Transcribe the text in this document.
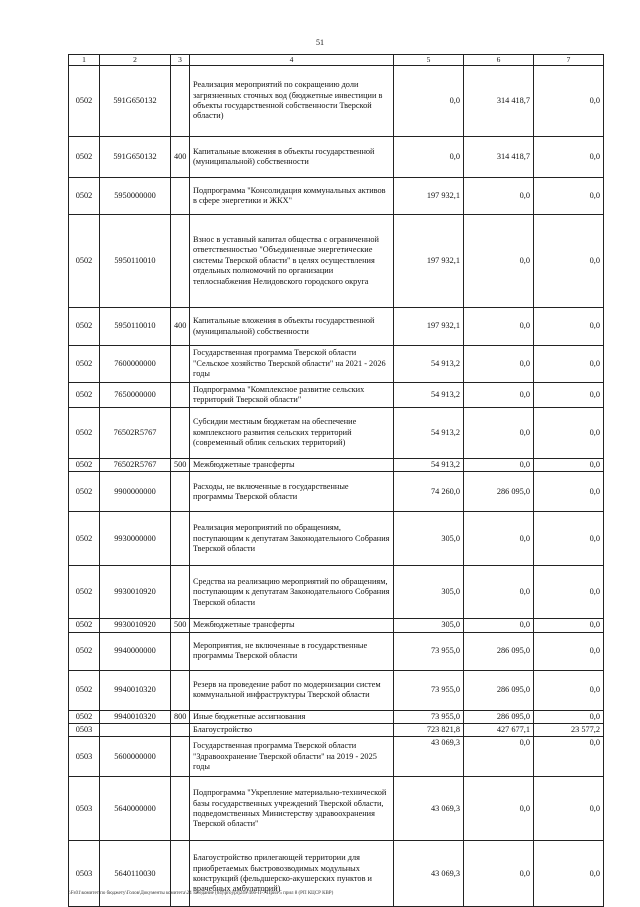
51
1	2	3	4	5	6	7
0502	591G650132		Реализация мероприятий по сокращению доли загрязненных сточных вод (бюджетные инвестиции в объекты государственной собственности Тверской области)	0,0	314 418,7	0,0
0502	591G650132	400	Капитальные вложения в объекты государственной (муниципальной) собственности	0,0	314 418,7	0,0
0502	5950000000		Подпрограмма "Консолидация коммунальных активов в сфере энергетики и ЖКХ"	197 932,1	0,0	0,0
0502	5950110010		Взнос в уставный капитал общества с ограниченной ответственностью "Объединенные энергетические системы Тверской области" в целях осуществления отдельных полномочий по организации теплоснабжения Нелидовского городского округа	197 932,1	0,0	0,0
0502	5950110010	400	Капитальные вложения в объекты государственной (муниципальной) собственности	197 932,1	0,0	0,0
0502	7600000000		Государственная программа Тверской области "Сельское хозяйство Тверской области" на 2021 - 2026 годы	54 913,2	0,0	0,0
0502	7650000000		Подпрограмма "Комплексное развитие сельских территорий Тверской области"	54 913,2	0,0	0,0
0502	76502R5767		Субсидии местным бюджетам на обеспечение комплексного развития сельских территорий (современный облик сельских территорий)	54 913,2	0,0	0,0
0502	76502R5767	500	Межбюджетные трансферты	54 913,2	0,0	0,0
0502	9900000000		Расходы, не включенные в государственные программы Тверской области	74 260,0	286 095,0	0,0
0502	9930000000		Реализация мероприятий по обращениям, поступающим к депутатам Законодательного Собрания Тверской области	305,0	0,0	0,0
0502	9930010920		Средства на реализацию мероприятий по обращениям, поступающим к депутатам Законодательного Собрания Тверской области	305,0	0,0	0,0
0502	9930010920	500	Межбюджетные трансферты	305,0	0,0	0,0
0502	9940000000		Мероприятия, не включенные в государственные программы Тверской области	73 955,0	286 095,0	0,0
0502	9940010320		Резерв на проведение работ по модернизации систем коммунальной инфраструктуры Тверской области	73 955,0	286 095,0	0,0
0502	9940010320	800	Иные бюджетные ассигнования	73 955,0	286 095,0	0,0
0503			Благоустройство	723 821,8	427 677,1	23 577,2
0503	5600000000		Государственная программа Тверской области "Здравоохранение Тверской области" на 2019 - 2025 годы	43 069,3	0,0	0,0
0503	5640000000		Подпрограмма "Укрепление материально-технической базы государственных учреждений Тверской области, подведомственных Министерству здравоохранения Тверской области"	43 069,3	0,0	0,0
0503	5640110030		Благоустройство прилегающей территории для приобретаемых быстровозводимых модульных конструкций (фельдшерско-акушерских пунктов и врачебных амбулаторий)	43 069,3	0,0	0,0
\\Fs01\комитет по бюджету\Голов\Документы комитета\24 заседание (04)\proj\prj241 466-П-7\Прил 5 прил 8 (РП КЦСР КВР)
